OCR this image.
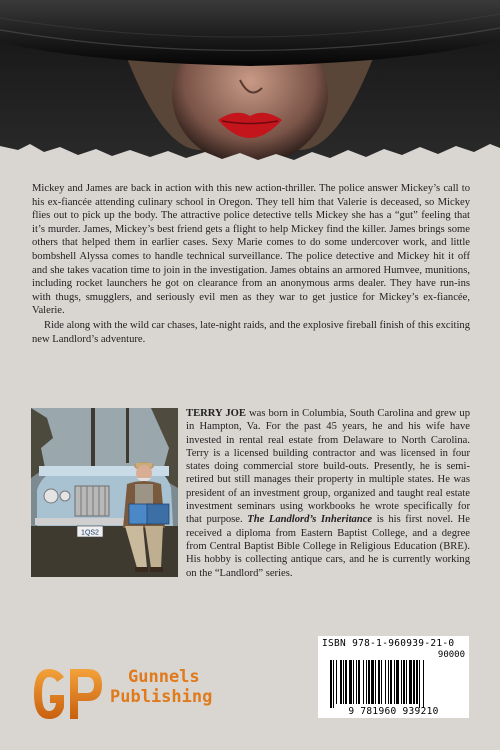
Mickey and James are back in action with this new action-thriller. The police answer Mickey’s call to his ex-fiancée attending culinary school in Oregon. They tell him that Valerie is deceased, so Mickey flies out to pick up the body. The attractive police detective tells Mickey she has a “gut” feeling that it’s murder. James, Mickey’s best friend gets a flight to help Mickey find the killer. James brings some others that helped them in earlier cases. Sexy Marie comes to do some undercover work, and little bombshell Alyssa comes to handle technical surveillance. The police detective and Mickey hit it off and she takes vacation time to join in the investigation. James obtains an armored Humvee, munitions, including rocket launchers he got on clearance from an anonymous arms dealer. They have run-ins with thugs, smugglers, and seriously evil men as they war to get justice for Mickey’s ex-fiancée, Valerie.

Ride along with the wild car chases, late-night raids, and the explosive fireball finish of this exciting new Landlord’s adventure.

TERRY JOE was born in Columbia, South Carolina and grew up in Hampton, Va. For the past 45 years, he and his wife have invested in rental real estate from Delaware to North Carolina. Terry is a licensed building contractor and was licensed in four states doing commercial store build-outs. Presently, he is semi-retired but still manages their property in multiple states. He was president of an investment group, organized and taught real estate investment seminars using workbooks he wrote specifically for that purpose. The Landlord’s Inheritance is his first novel. He received a diploma from Eastern Baptist College, and a degree from Central Baptist Bible College in Religious Education (BRE). His hobby is collecting antique cars, and he is currently working on the “Landlord” series.
1QS2
GP
Gunnels
Publishing
ISBN 978-1-960939-21-0
90000
9 781960 939210
